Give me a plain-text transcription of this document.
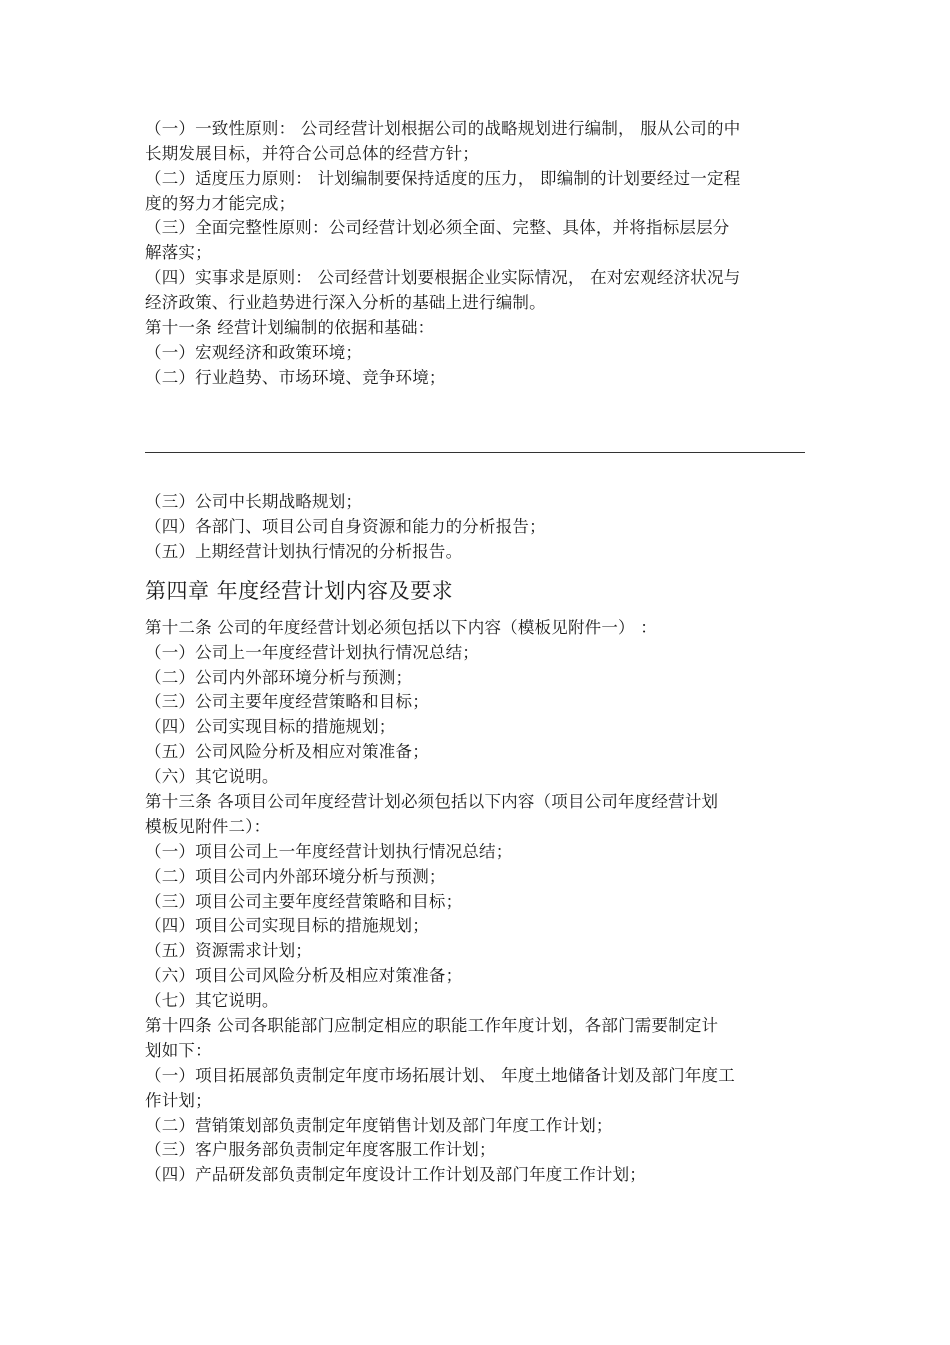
（一）一致性原则： 公司经营计划根据公司的战略规划进行编制， 服从公司的中
长期发展目标，并符合公司总体的经营方针；
（二）适度压力原则： 计划编制要保持适度的压力， 即编制的计划要经过一定程
度的努力才能完成；
（三）全面完整性原则：公司经营计划必须全面、完整、具体，并将指标层层分
解落实；
（四）实事求是原则： 公司经营计划要根据企业实际情况， 在对宏观经济状况与
经济政策、行业趋势进行深入分析的基础上进行编制。
第十一条 经营计划编制的依据和基础：
（一）宏观经济和政策环境；
（二）行业趋势、市场环境、竞争环境；
（三）公司中长期战略规划；
（四）各部门、项目公司自身资源和能力的分析报告；
（五）上期经营计划执行情况的分析报告。
第四章 年度经营计划内容及要求
第十二条 公司的年度经营计划必须包括以下内容（模板见附件一） ：
（一）公司上一年度经营计划执行情况总结；
（二）公司内外部环境分析与预测；
（三）公司主要年度经营策略和目标；
（四）公司实现目标的措施规划；
（五）公司风险分析及相应对策准备；
（六）其它说明。
第十三条 各项目公司年度经营计划必须包括以下内容（项目公司年度经营计划
模板见附件二）：
（一）项目公司上一年度经营计划执行情况总结；
（二）项目公司内外部环境分析与预测；
（三）项目公司主要年度经营策略和目标；
（四）项目公司实现目标的措施规划；
（五）资源需求计划；
（六）项目公司风险分析及相应对策准备；
（七）其它说明。
第十四条 公司各职能部门应制定相应的职能工作年度计划，各部门需要制定计
划如下：
（一）项目拓展部负责制定年度市场拓展计划、 年度土地储备计划及部门年度工
作计划；
（二）营销策划部负责制定年度销售计划及部门年度工作计划；
（三）客户服务部负责制定年度客服工作计划；
（四）产品研发部负责制定年度设计工作计划及部门年度工作计划；
